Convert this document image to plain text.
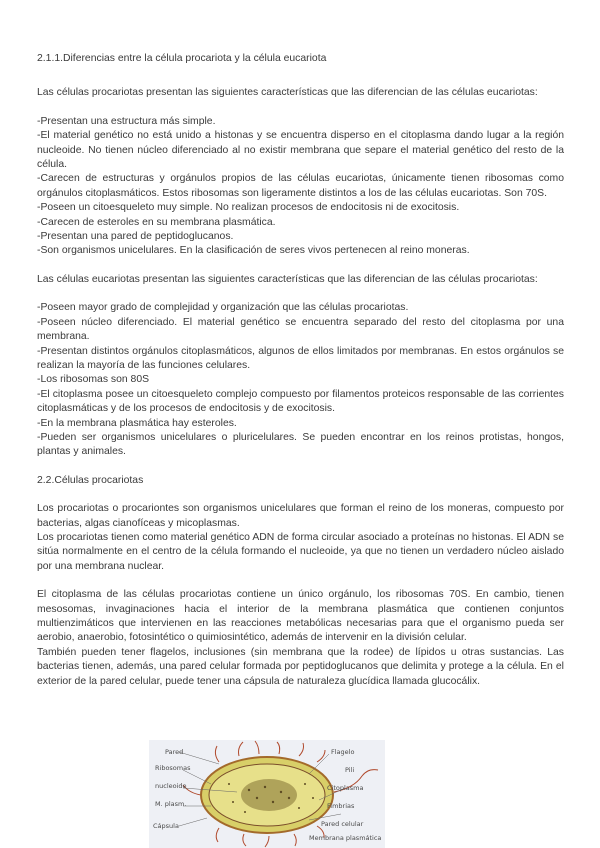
2.1.1.Diferencias entre la célula procariota y la célula eucariota

Las células procariotas presentan las siguientes características que las diferencian de las células eucariotas:

-Presentan una estructura más simple.

-El material genético no está unido a histonas y se encuentra disperso en el citoplasma dando lugar a la región nucleoide. No tienen núcleo diferenciado al no existir membrana que separe el material genético del resto de la célula.

-Carecen de estructuras y orgánulos propios de las células eucariotas, únicamente tienen ribosomas como orgánulos citoplasmáticos. Estos ribosomas son ligeramente distintos a los de las células eucariotas. Son 70S.

-Poseen un citoesqueleto muy simple. No realizan procesos de endocitosis ni de exocitosis.

-Carecen de esteroles en su membrana plasmática.

-Presentan una pared de peptidoglucanos.

-Son organismos unicelulares. En la clasificación de seres vivos pertenecen al reino moneras.

Las células eucariotas presentan las siguientes características que las diferencian de las células procariotas:

-Poseen mayor grado de complejidad y organización que las células procariotas.

-Poseen núcleo diferenciado. El material genético se encuentra separado del resto del citoplasma por una membrana.

-Presentan distintos orgánulos citoplasmáticos, algunos de ellos limitados por membranas. En estos orgánulos se realizan la mayoría de las funciones celulares.

-Los ribosomas son 80S

-El citoplasma posee un citoesqueleto complejo compuesto por filamentos proteicos responsable de las corrientes citoplasmáticas y de los procesos de endocitosis y de exocitosis.

-En la membrana plasmática hay esteroles.

-Pueden ser organismos unicelulares o pluricelulares. Se pueden encontrar en los reinos protistas, hongos, plantas y animales.

2.2.Células procariotas

Los procariotas o procariontes son organismos unicelulares que forman el reino de los moneras, compuesto por bacterias, algas cianofíceas y micoplasmas.

Los procariotas tienen como material genético ADN de forma circular asociado a proteínas no histonas. El ADN se sitúa normalmente en el centro de la célula formando el nucleoide, ya que no tienen un verdadero núcleo aislado por una membrana nuclear.

El citoplasma de las células procariotas contiene un único orgánulo, los ribosomas 70S. En cambio, tienen mesosomas, invaginaciones hacia el interior de la membrana plasmática que contienen conjuntos multienzimáticos que intervienen en las reacciones metabólicas necesarias para que el organismo pueda ser aerobio, anaerobio, fotosintético o quimiosintético, además de intervenir en la división celular.

También pueden tener flagelos, inclusiones (sin membrana que la rodee) de lípidos u otras sustancias. Las bacterias tienen, además, una pared celular formada por peptidoglucanos que delimita y protege a la célula. En el exterior de la pared celular, puede tener una cápsula de naturaleza glucídica llamada glucocálix.

Pared
Ribosomas
nucleoide
M. plasm.
Cápsula
Flagelo
Pili
Citoplasma
Fimbrias
Pared celular
Membrana plasmática
